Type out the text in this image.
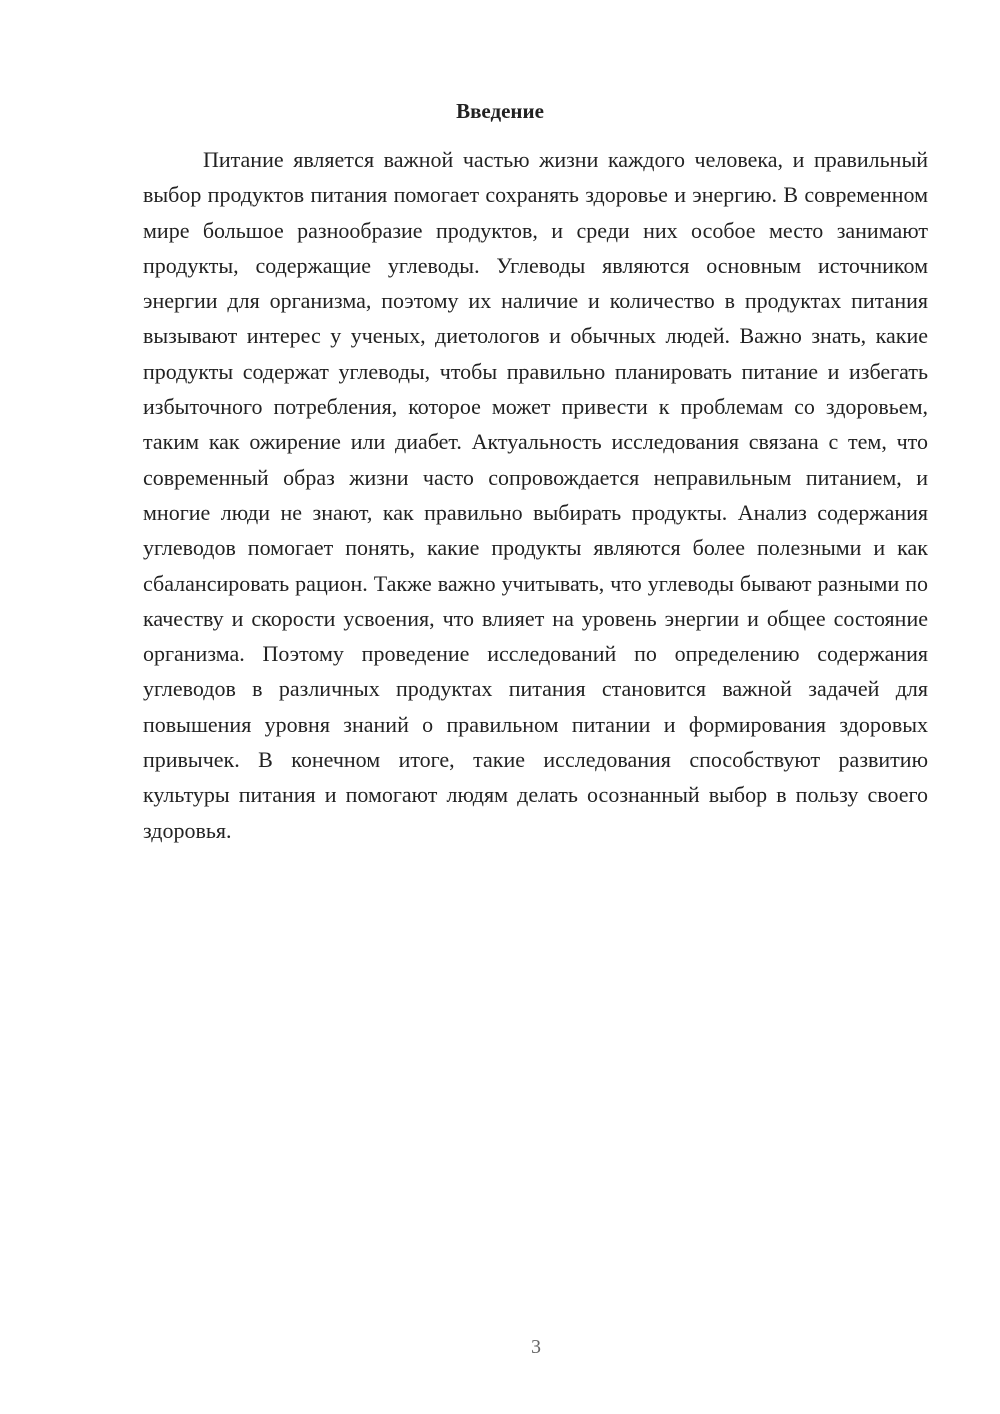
Введение

Питание является важной частью жизни каждого человека, и правильный выбор продуктов питания помогает сохранять здоровье и энергию. В современном мире большое разнообразие продуктов, и среди них особое место занимают продукты, содержащие углеводы. Углеводы являются основным источником энергии для организма, поэтому их наличие и количество в продуктах питания вызывают интерес у ученых, диетологов и обычных людей. Важно знать, какие продукты содержат углеводы, чтобы правильно планировать питание и избегать избыточного потребления, которое может привести к проблемам со здоровьем, таким как ожирение или диабет. Актуальность исследования связана с тем, что современный образ жизни часто сопровождается неправильным питанием, и многие люди не знают, как правильно выбирать продукты. Анализ содержания углеводов помогает понять, какие продукты являются более полезными и как сбалансировать рацион. Также важно учитывать, что углеводы бывают разными по качеству и скорости усвоения, что влияет на уровень энергии и общее состояние организма. Поэтому проведение исследований по определению содержания углеводов в различных продуктах питания становится важной задачей для повышения уровня знаний о правильном питании и формирования здоровых привычек. В конечном итоге, такие исследования способствуют развитию культуры питания и помогают людям делать осознанный выбор в пользу своего здоровья.

3
